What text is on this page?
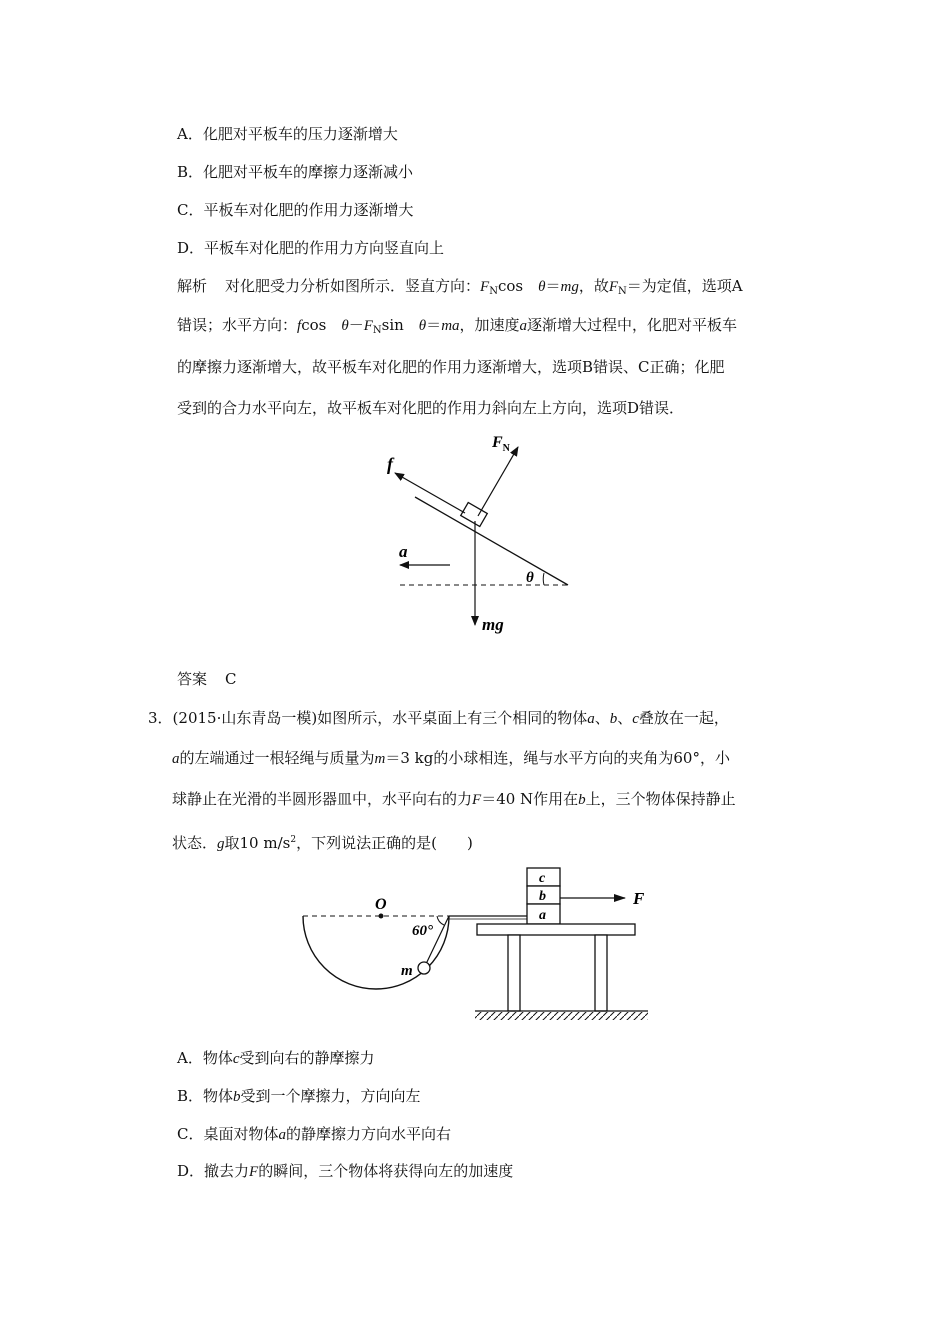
A．化肥对平板车的压力逐渐增大
B．化肥对平板车的摩擦力逐渐减小
C．平板车对化肥的作用力逐渐增大
D．平板车对化肥的作用力方向竖直向上
解析 对化肥受力分析如图所示．竖直方向：$F_N\cos$　θ＝mg，故$F_N=$为定值，选项A
错误；水平方向：fcos　$\theta-F_N\sin$　θ＝ma，加速度a逐渐增大过程中，化肥对平板车
的摩擦力逐渐增大，故平板车对化肥的作用力逐渐增大，选项B错误、C正确；化肥
受到的合力水平向左，故平板车对化肥的作用力斜向左上方向，选项D错误．
f
$F_N$
a
θ
mg
答案 C
3．(2015·山东青岛一模)如图所示，水平桌面上有三个相同的物体a、b、c叠放在一起，
a的左端通过一根轻绳与质量为m＝3 kg的小球相连，绳与水平方向的夹角为60°，小
球静止在光滑的半圆形器皿中，水平向右的力F＝40 N作用在b上，三个物体保持静止
状态．g取10 $m/s^2$，下列说法正确的是(　　)
O
60°
m
c
b
a
F
A．物体c受到向右的静摩擦力
B．物体b受到一个摩擦力，方向向左
C．桌面对物体a的静摩擦力方向水平向右
D．撤去力F的瞬间，三个物体将获得向左的加速度
